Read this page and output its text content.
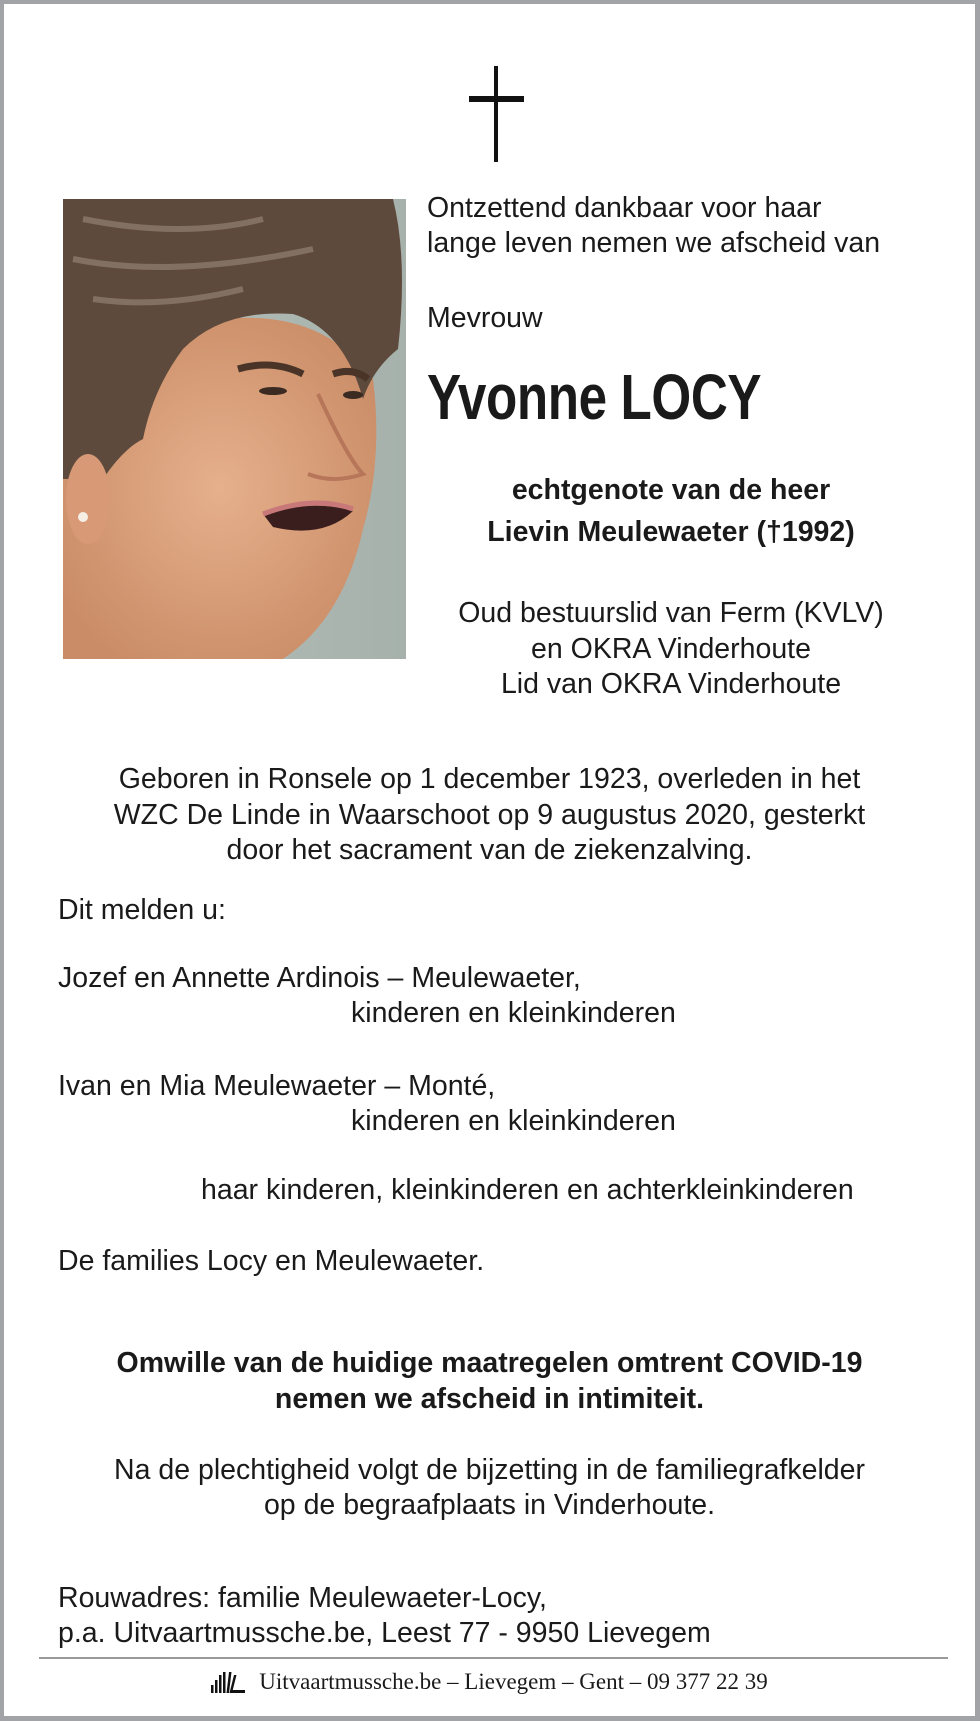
Ontzettend dankbaar voor haar
lange leven nemen we afscheid van
Mevrouw
Yvonne LOCY
echtgenote van de heer
Lievin Meulewaeter (†1992)
Oud bestuurslid van Ferm (KVLV)
en OKRA Vinderhoute
Lid van OKRA Vinderhoute
Geboren in Ronsele op 1 december 1923, overleden in het
WZC De Linde in Waarschoot op 9 augustus 2020, gesterkt
door het sacrament van de ziekenzalving.
Dit melden u:
Jozef en Annette Ardinois – Meulewaeter,
kinderen en kleinkinderen
Ivan en Mia Meulewaeter – Monté,
kinderen en kleinkinderen
haar kinderen, kleinkinderen en achterkleinkinderen
De families Locy en Meulewaeter.
Omwille van de huidige maatregelen omtrent COVID-19
nemen we afscheid in intimiteit.
Na de plechtigheid volgt de bijzetting in de familiegrafkelder
op de begraafplaats in Vinderhoute.
Rouwadres: familie Meulewaeter-Locy,
p.a. Uitvaartmussche.be, Leest 77 - 9950 Lievegem
Uitvaartmussche.be – Lievegem – Gent – 09 377 22 39
